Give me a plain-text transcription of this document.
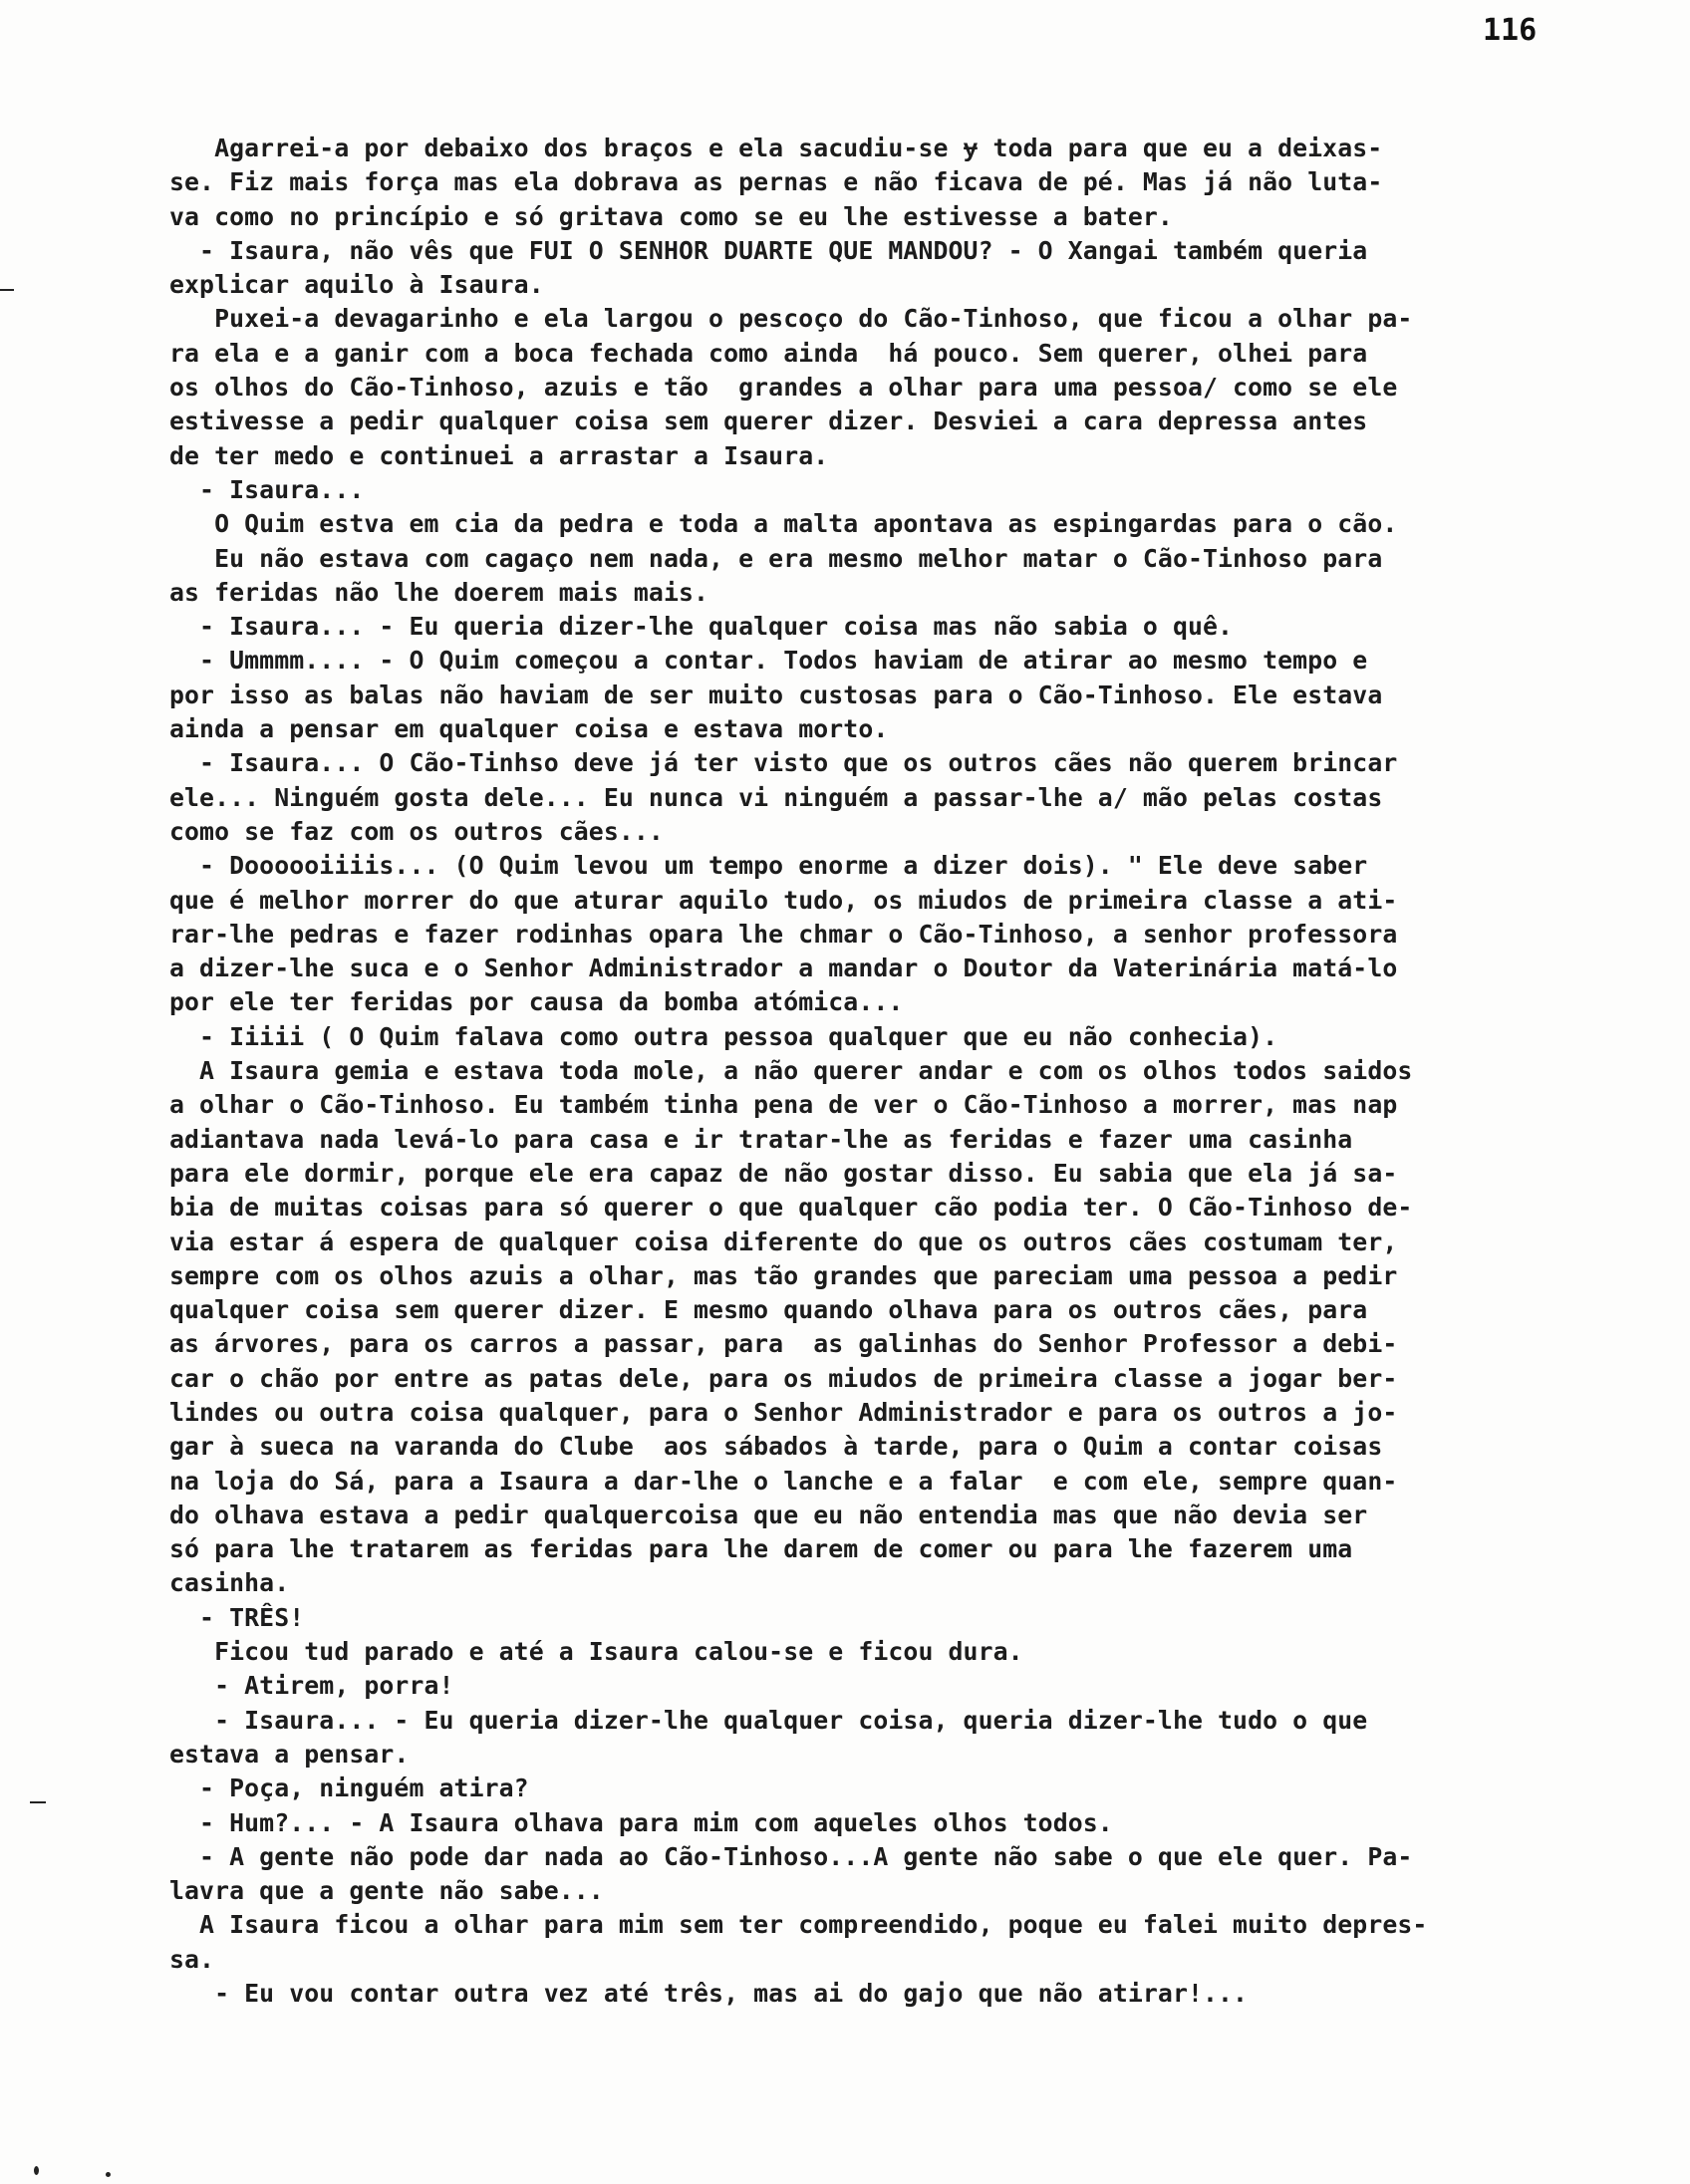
116
Agarrei-a por debaixo dos braços e ela sacudiu-se ɏ toda para que eu a deixas-
se. Fiz mais força mas ela dobrava as pernas e não ficava de pé. Mas já não luta-
va como no princípio e só gritava como se eu lhe estivesse a bater.
- Isaura, não vês que FUI O SENHOR DUARTE QUE MANDOU? - O Xangai também queria
explicar aquilo à Isaura.
Puxei-a devagarinho e ela largou o pescoço do Cão-Tinhoso, que ficou a olhar pa-
ra ela e a ganir com a boca fechada como ainda  há pouco. Sem querer, olhei para
os olhos do Cão-Tinhoso, azuis e tão  grandes a olhar para uma pessoa/ como se ele
estivesse a pedir qualquer coisa sem querer dizer. Desviei a cara depressa antes
de ter medo e continuei a arrastar a Isaura.
- Isaura...
O Quim estva em cia da pedra e toda a malta apontava as espingardas para o cão.
Eu não estava com cagaço nem nada, e era mesmo melhor matar o Cão-Tinhoso para
as feridas não lhe doerem mais mais.
- Isaura... - Eu queria dizer-lhe qualquer coisa mas não sabia o quê.
- Ummmm.... - O Quim começou a contar. Todos haviam de atirar ao mesmo tempo e
por isso as balas não haviam de ser muito custosas para o Cão-Tinhoso. Ele estava
ainda a pensar em qualquer coisa e estava morto.
- Isaura... O Cão-Tinhso deve já ter visto que os outros cães não querem brincar
ele... Ninguém gosta dele... Eu nunca vi ninguém a passar-lhe a/ mão pelas costas
como se faz com os outros cães...
- Doooooiiiis... (O Quim levou um tempo enorme a dizer dois). " Ele deve saber
que é melhor morrer do que aturar aquilo tudo, os miudos de primeira classe a ati-
rar-lhe pedras e fazer rodinhas opara lhe chmar o Cão-Tinhoso, a senhor professora
a dizer-lhe suca e o Senhor Administrador a mandar o Doutor da Vaterinária matá-lo
por ele ter feridas por causa da bomba atómica...
- Iiiii ( O Quim falava como outra pessoa qualquer que eu não conhecia).
A Isaura gemia e estava toda mole, a não querer andar e com os olhos todos saidos
a olhar o Cão-Tinhoso. Eu também tinha pena de ver o Cão-Tinhoso a morrer, mas nap
adiantava nada levá-lo para casa e ir tratar-lhe as feridas e fazer uma casinha
para ele dormir, porque ele era capaz de não gostar disso. Eu sabia que ela já sa-
bia de muitas coisas para só querer o que qualquer cão podia ter. O Cão-Tinhoso de-
via estar á espera de qualquer coisa diferente do que os outros cães costumam ter,
sempre com os olhos azuis a olhar, mas tão grandes que pareciam uma pessoa a pedir
qualquer coisa sem querer dizer. E mesmo quando olhava para os outros cães, para
as árvores, para os carros a passar, para  as galinhas do Senhor Professor a debi-
car o chão por entre as patas dele, para os miudos de primeira classe a jogar ber-
lindes ou outra coisa qualquer, para o Senhor Administrador e para os outros a jo-
gar à sueca na varanda do Clube  aos sábados à tarde, para o Quim a contar coisas
na loja do Sá, para a Isaura a dar-lhe o lanche e a falar  e com ele, sempre quan-
do olhava estava a pedir qualquercoisa que eu não entendia mas que não devia ser
só para lhe tratarem as feridas para lhe darem de comer ou para lhe fazerem uma
casinha.
- TRÊS!
Ficou tud parado e até a Isaura calou-se e ficou dura.
- Atirem, porra!
- Isaura... - Eu queria dizer-lhe qualquer coisa, queria dizer-lhe tudo o que
estava a pensar.
- Poça, ninguém atira?
- Hum?... - A Isaura olhava para mim com aqueles olhos todos.
- A gente não pode dar nada ao Cão-Tinhoso...A gente não sabe o que ele quer. Pa-
lavra que a gente não sabe...
A Isaura ficou a olhar para mim sem ter compreendido, poque eu falei muito depres-
sa.
- Eu vou contar outra vez até três, mas ai do gajo que não atirar!...
